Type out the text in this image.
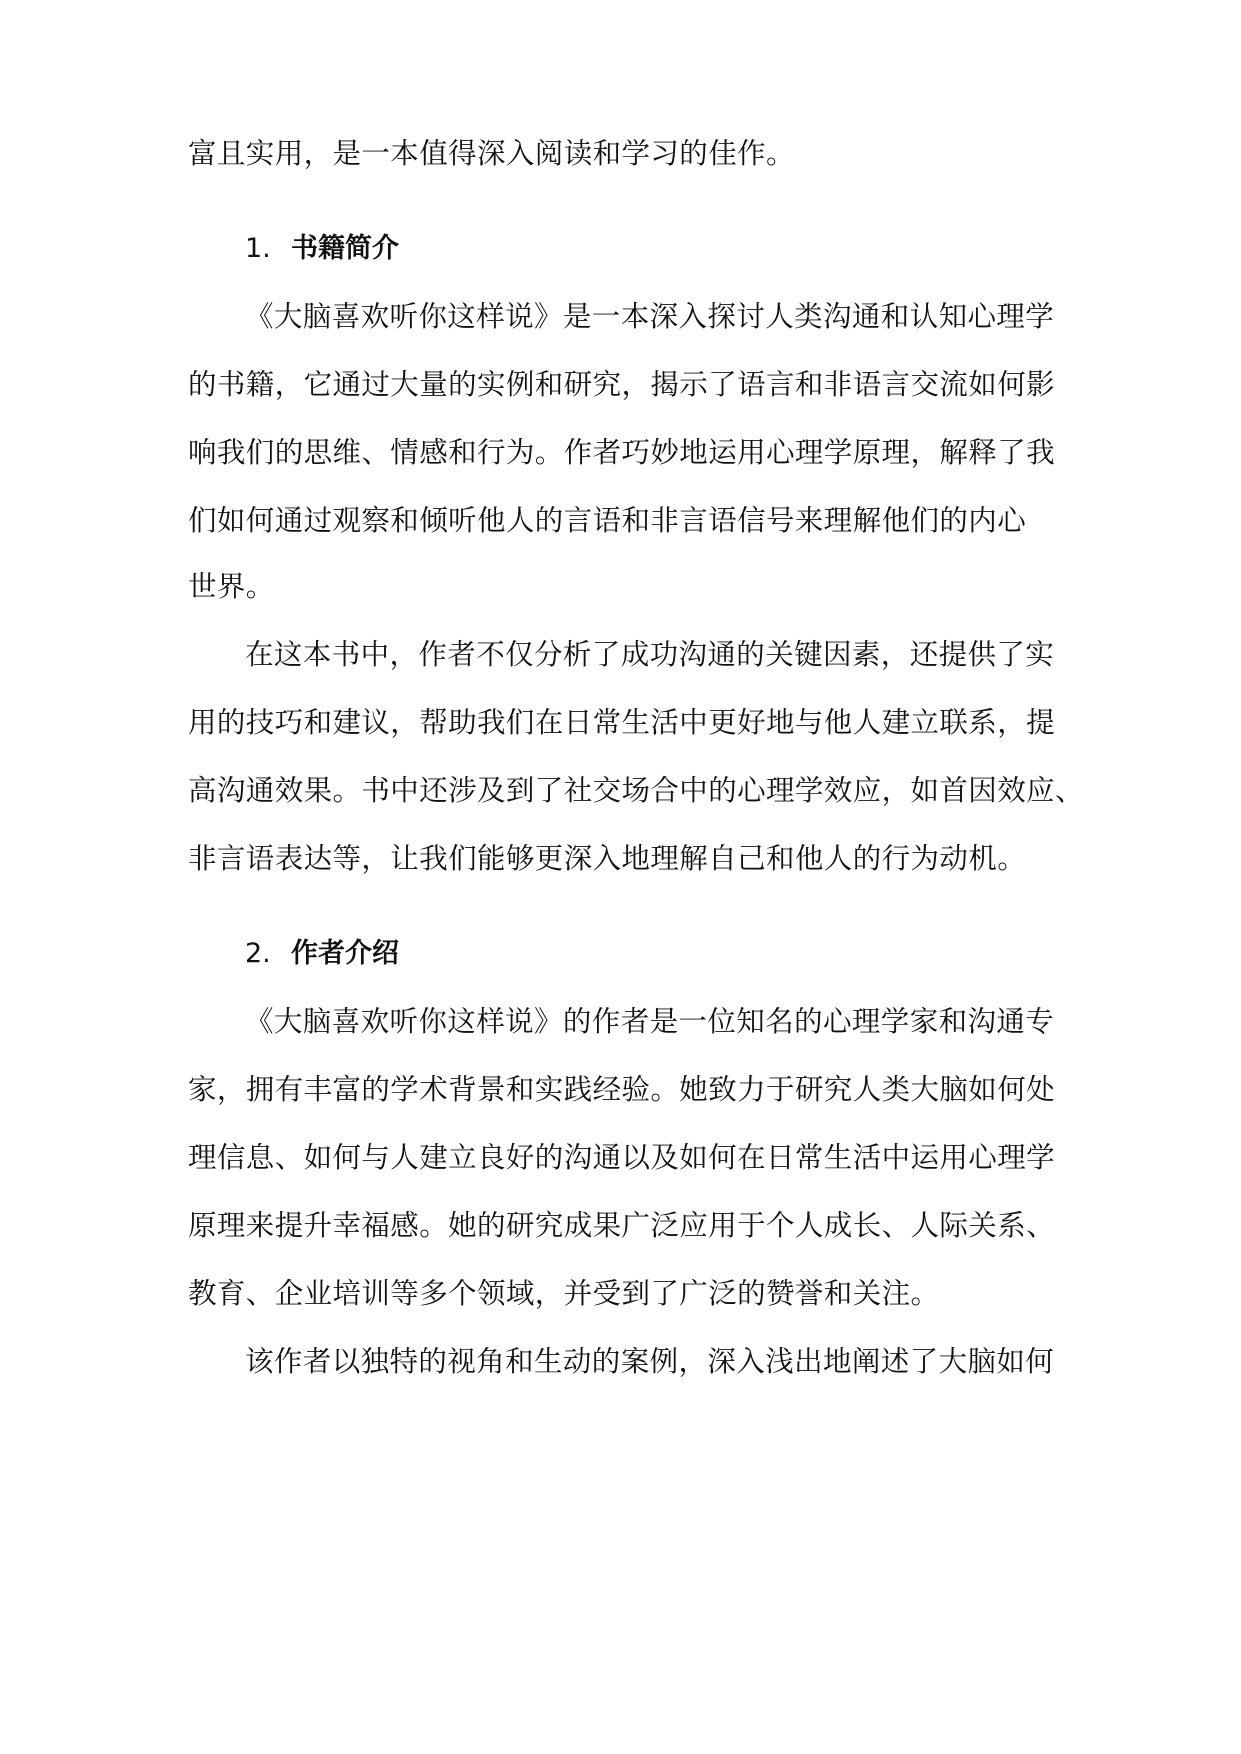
富且实用，是一本值得深入阅读和学习的佳作。
1. 书籍简介
《大脑喜欢听你这样说》是一本深入探讨人类沟通和认知心理学
的书籍，它通过大量的实例和研究，揭示了语言和非语言交流如何影
响我们的思维、情感和行为。作者巧妙地运用心理学原理，解释了我
们如何通过观察和倾听他人的言语和非言语信号来理解他们的内心
世界。
在这本书中，作者不仅分析了成功沟通的关键因素，还提供了实
用的技巧和建议，帮助我们在日常生活中更好地与他人建立联系，提
高沟通效果。书中还涉及到了社交场合中的心理学效应，如首因效应、
非言语表达等，让我们能够更深入地理解自己和他人的行为动机。
2. 作者介绍
《大脑喜欢听你这样说》的作者是一位知名的心理学家和沟通专
家，拥有丰富的学术背景和实践经验。她致力于研究人类大脑如何处
理信息、如何与人建立良好的沟通以及如何在日常生活中运用心理学
原理来提升幸福感。她的研究成果广泛应用于个人成长、人际关系、
教育、企业培训等多个领域，并受到了广泛的赞誉和关注。
该作者以独特的视角和生动的案例，深入浅出地阐述了大脑如何
